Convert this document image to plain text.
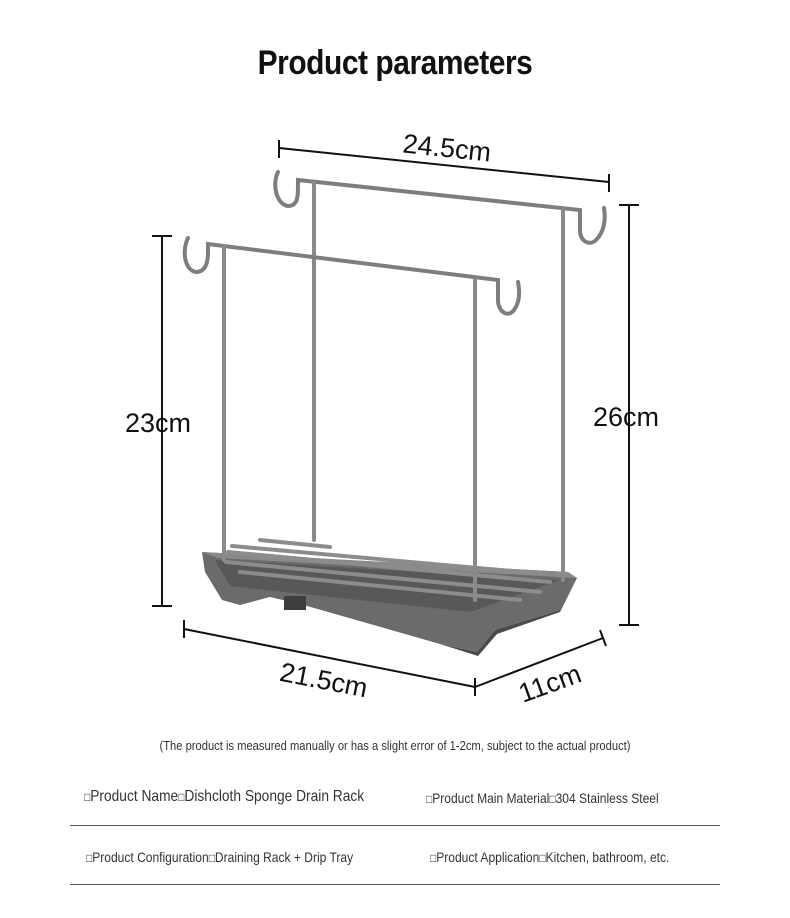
Product parameters
24.5cm
23cm	26cm
21.5cm	11cm
(The product is measured manually or has a slight error of 1-2cm, subject to the actual product)
□Product Name□Dishcloth Sponge Drain Rack	□Product Main Material□304 Stainless Steel
□Product Configuration□Draining Rack + Drip Tray	□Product Application□Kitchen, bathroom, etc.
